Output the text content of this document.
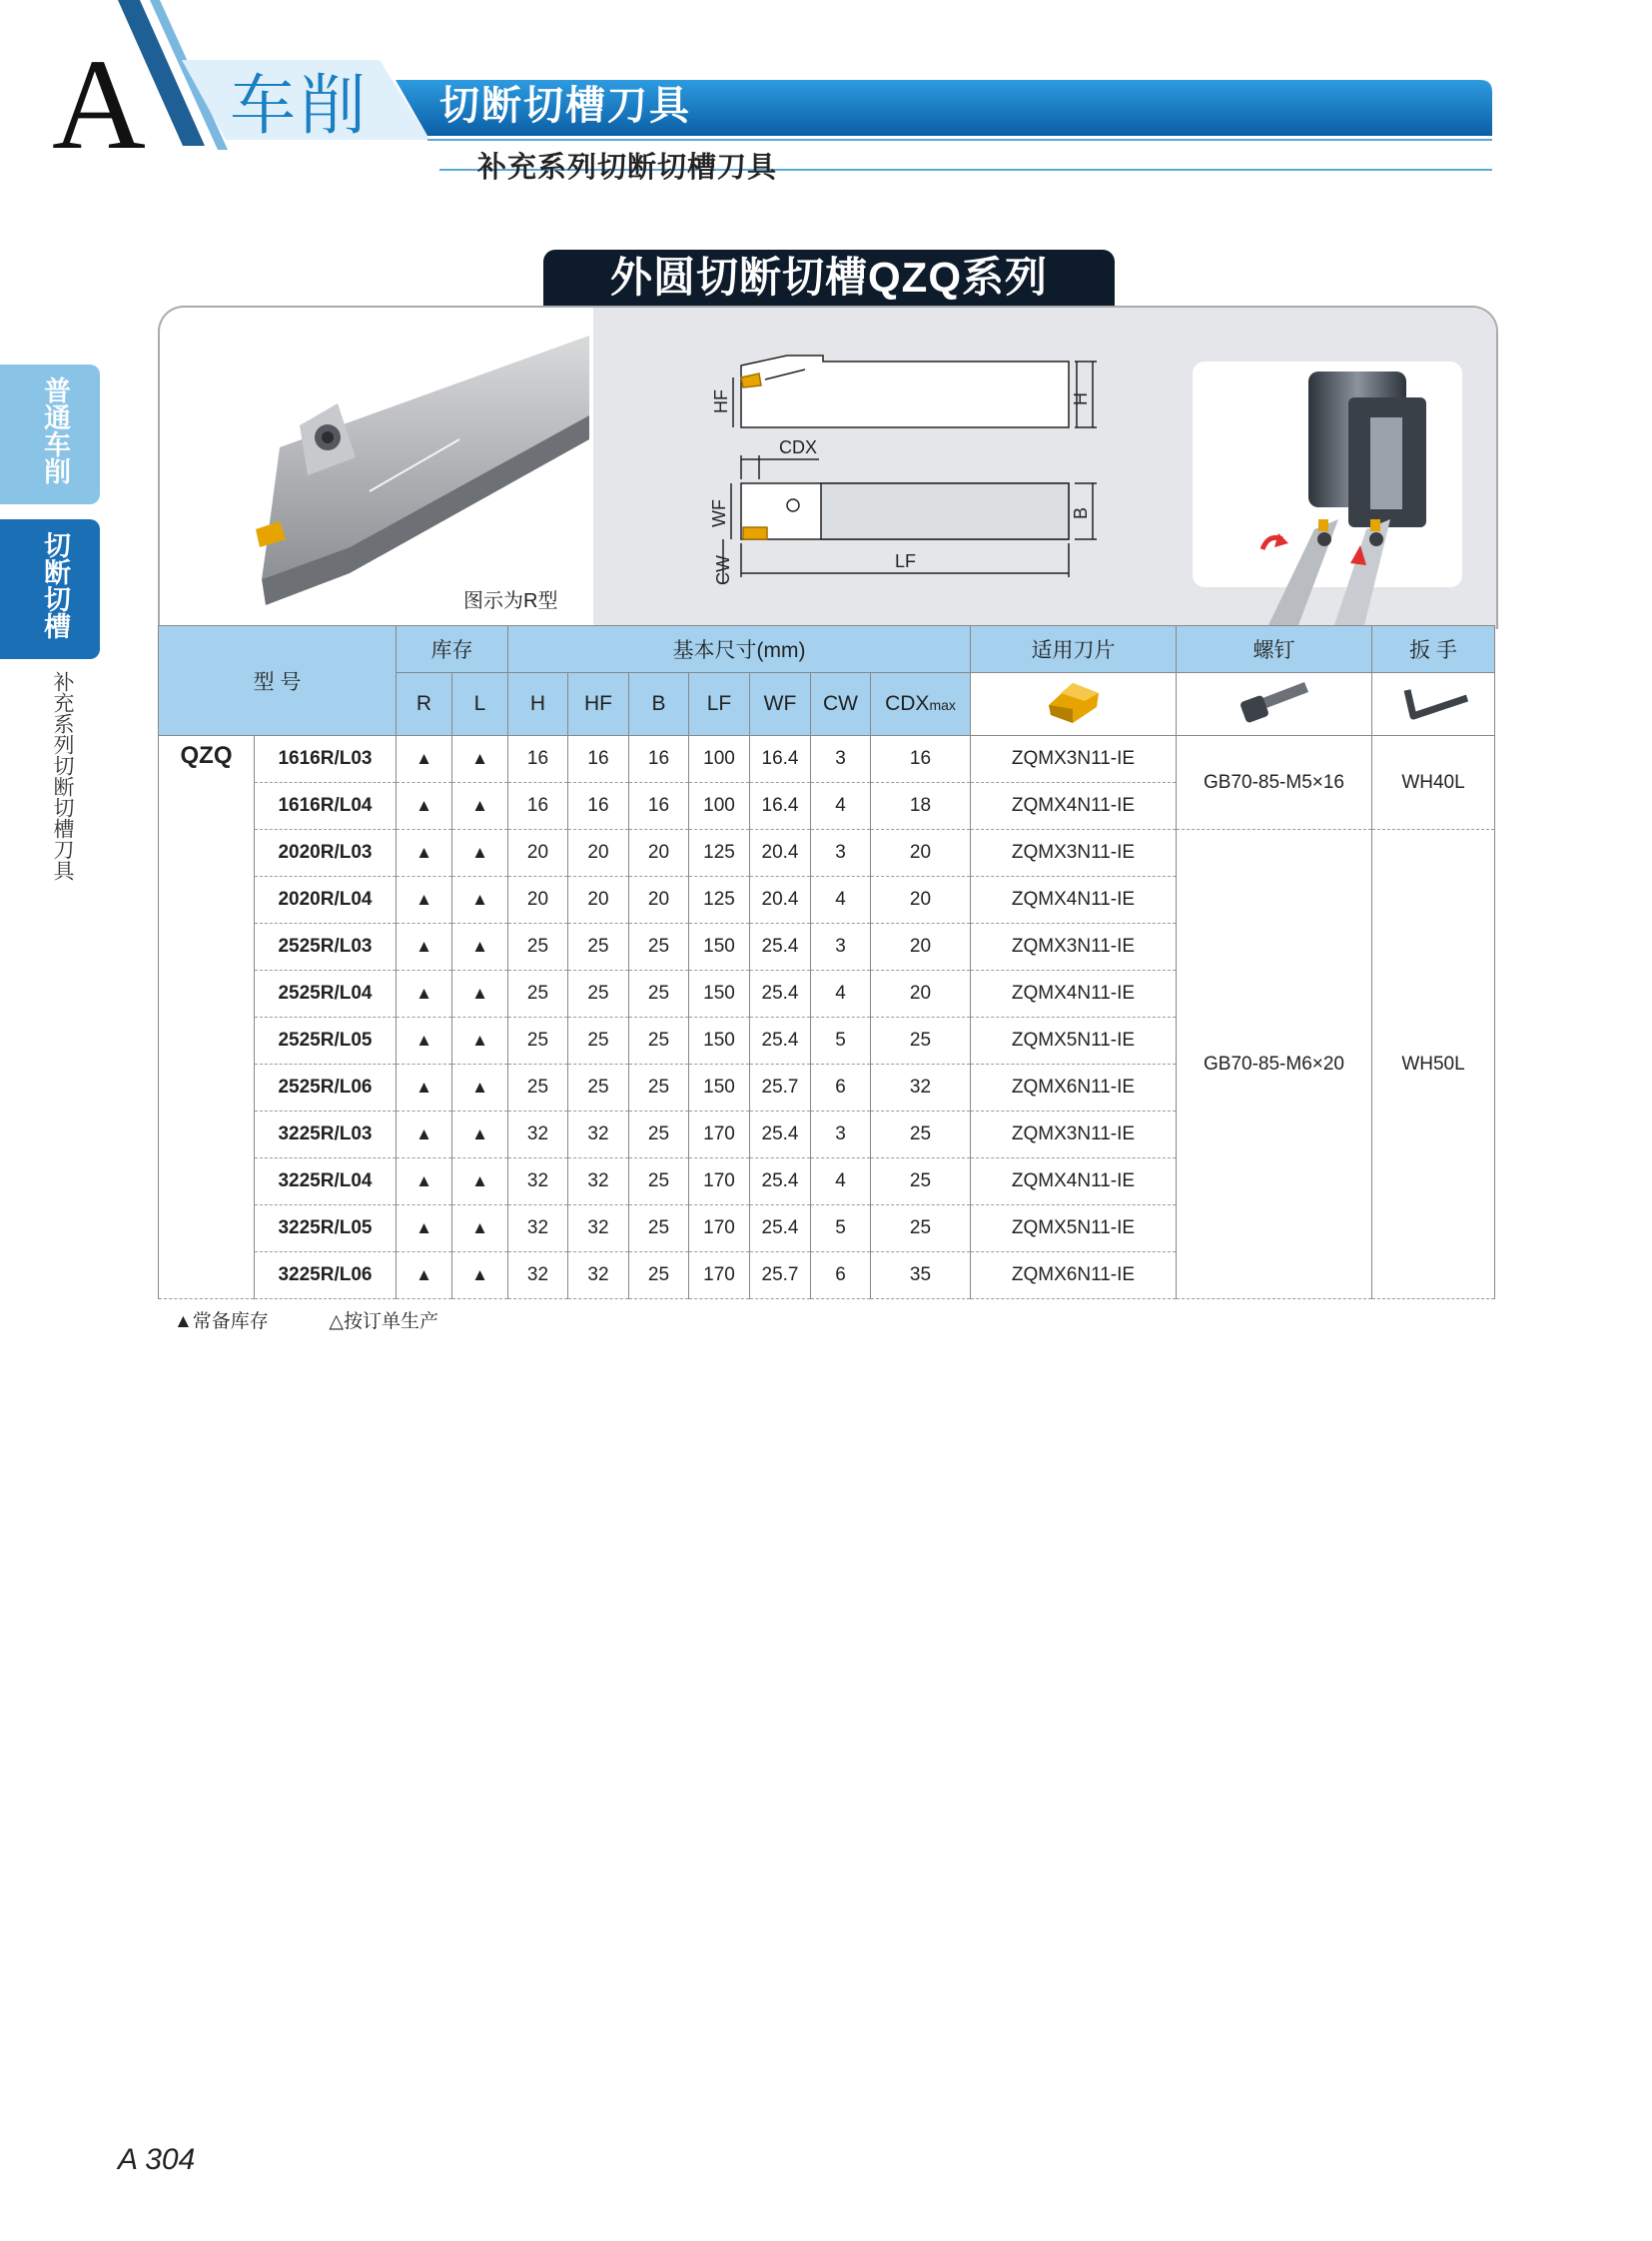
A 车削 切断切槽刀具
补充系列切断切槽刀具
普通车削
切断切槽
补充系列切断切槽刀具
外圆切断切槽QZQ系列
HF	H
CDX
WF	B
CW	LF
图示为R型
型 号		库存		基本尺寸(mm)							适用刀片	螺钉	扳 手
		R	L	H	HF	B	LF	WF	CW	CDXmax			
QZQ	1616R/L03	▲	▲	16	16	16	100	16.4	3	16	ZQMX3N11-IE	GB70-85-M5×16	WH40L
	1616R/L04	▲	▲	16	16	16	100	16.4	4	18	ZQMX4N11-IE		
	2020R/L03	▲	▲	20	20	20	125	20.4	3	20	ZQMX3N11-IE	GB70-85-M6×20	WH50L
	2020R/L04	▲	▲	20	20	20	125	20.4	4	20	ZQMX4N11-IE		
	2525R/L03	▲	▲	25	25	25	150	25.4	3	20	ZQMX3N11-IE		
	2525R/L04	▲	▲	25	25	25	150	25.4	4	20	ZQMX4N11-IE		
	2525R/L05	▲	▲	25	25	25	150	25.4	5	25	ZQMX5N11-IE		
	2525R/L06	▲	▲	25	25	25	150	25.7	6	32	ZQMX6N11-IE		
	3225R/L03	▲	▲	32	32	25	170	25.4	3	25	ZQMX3N11-IE		
	3225R/L04	▲	▲	32	32	25	170	25.4	4	25	ZQMX4N11-IE		
	3225R/L05	▲	▲	32	32	25	170	25.4	5	25	ZQMX5N11-IE		
	3225R/L06	▲	▲	32	32	25	170	25.7	6	35	ZQMX6N11-IE		
▲常备库存	△按订单生产
A 304
